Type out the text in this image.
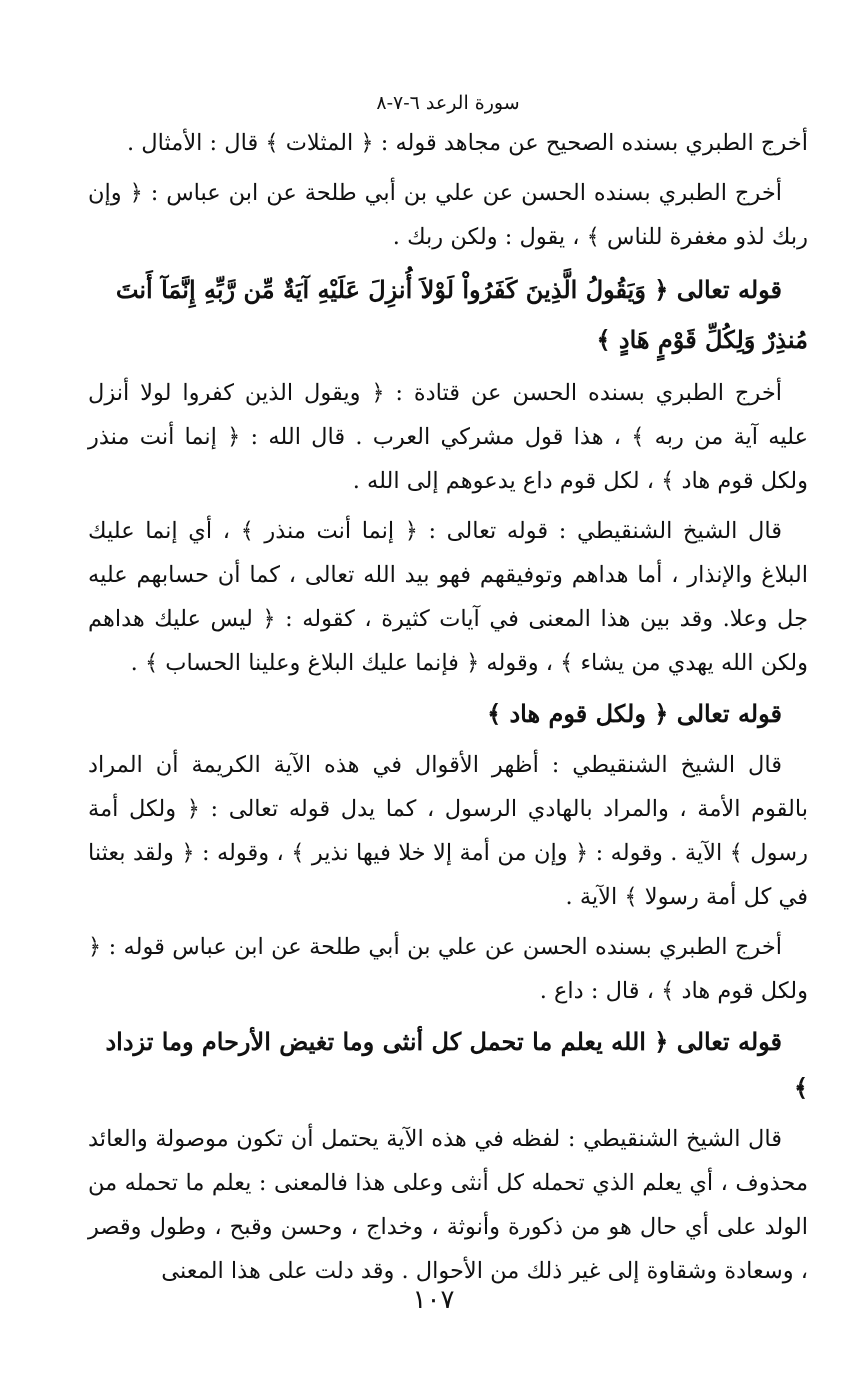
سورة الرعد ٦-٧-٨

أخرج الطبري بسنده الصحيح عن مجاهد قوله : ﴿ المثلات ﴾ قال : الأمثال .

أخرج الطبري بسنده الحسن عن علي بن أبي طلحة عن ابن عباس : ﴿ وإن ربك لذو مغفرة للناس ﴾ ، يقول : ولكن ربك .

قوله تعالى ﴿ وَيَقُولُ الَّذِينَ كَفَرُواْ لَوْلاَ أُنزِلَ عَلَيْهِ آيَةٌ مِّن رَّبِّهِ إِنَّمَآ أَنتَ مُنذِرٌ وَلِكُلِّ قَوْمٍ هَادٍ ﴾

أخرج الطبري بسنده الحسن عن قتادة : ﴿ ويقول الذين كفروا لولا أنزل عليه آية من ربه ﴾ ، هذا قول مشركي العرب . قال الله : ﴿ إنما أنت منذر ولكل قوم هاد ﴾ ، لكل قوم داع يدعوهم إلى الله .

قال الشيخ الشنقيطي : قوله تعالى : ﴿ إنما أنت منذر ﴾ ، أي إنما عليك البلاغ والإنذار ، أما هداهم وتوفيقهم فهو بيد الله تعالى ، كما أن حسابهم عليه جل وعلا. وقد بين هذا المعنى في آيات كثيرة ، كقوله : ﴿ ليس عليك هداهم ولكن الله يهدي من يشاء ﴾ ، وقوله ﴿ فإنما عليك البلاغ وعلينا الحساب ﴾ .

قوله تعالى ﴿ ولكل قوم هاد ﴾

قال الشيخ الشنقيطي : أظهر الأقوال في هذه الآية الكريمة أن المراد بالقوم الأمة ، والمراد بالهادي الرسول ، كما يدل قوله تعالى : ﴿ ولكل أمة رسول ﴾ الآية . وقوله : ﴿ وإن من أمة إلا خلا فيها نذير ﴾ ، وقوله : ﴿ ولقد بعثنا في كل أمة رسولا ﴾ الآية .

أخرج الطبري بسنده الحسن عن علي بن أبي طلحة عن ابن عباس قوله : ﴿ ولكل قوم هاد ﴾ ، قال : داع .

قوله تعالى ﴿ الله يعلم ما تحمل كل أنثى وما تغيض الأرحام وما تزداد ﴾

قال الشيخ الشنقيطي : لفظه في هذه الآية يحتمل أن تكون موصولة والعائد محذوف ، أي يعلم الذي تحمله كل أنثى وعلى هذا فالمعنى : يعلم ما تحمله من الولد على أي حال هو من ذكورة وأنوثة ، وخداج ، وحسن وقبح ، وطول وقصر ، وسعادة وشقاوة إلى غير ذلك من الأحوال . وقد دلت على هذا المعنى

١٠٧
